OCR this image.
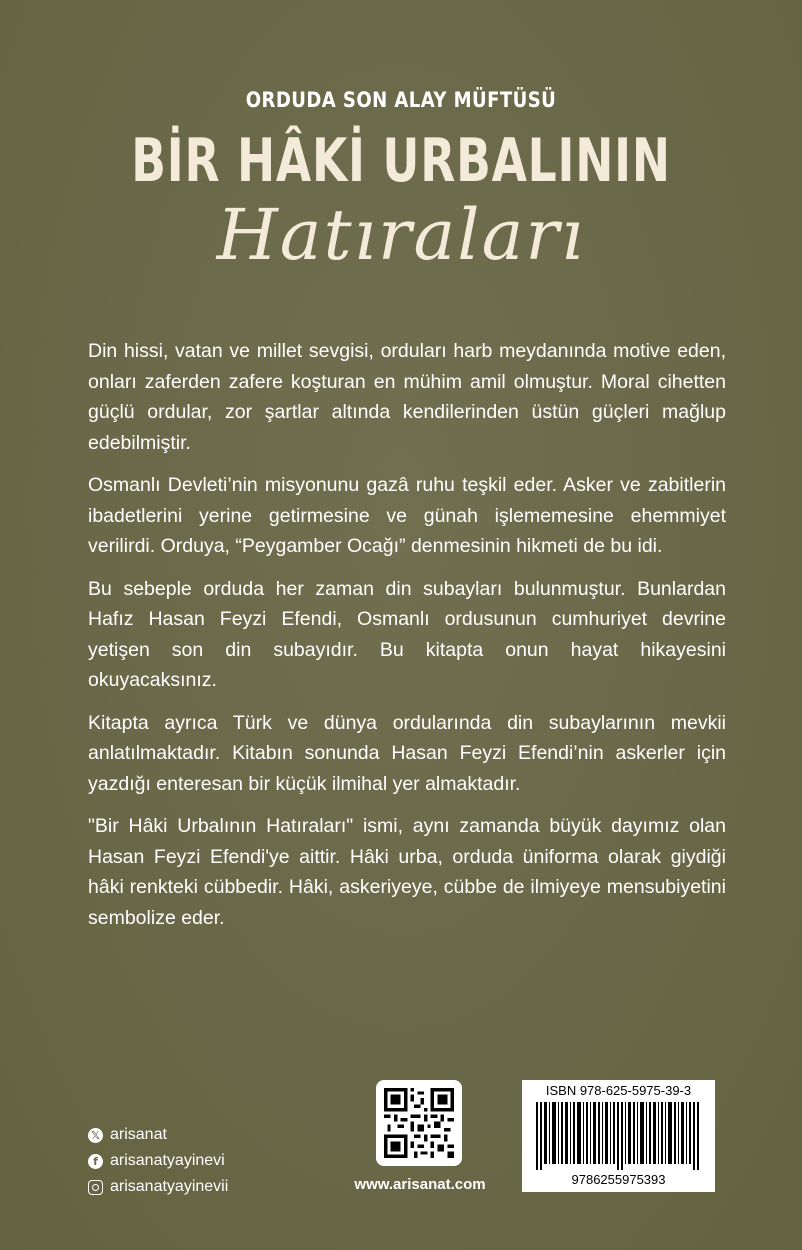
ORDUDA SON ALAY MÜFTÜSÜ
BİR HÂKİ URBALININ
Hatıraları

Din hissi, vatan ve millet sevgisi, orduları harb meydanında motive eden, onları zaferden zafere koşturan en mühim amil olmuştur. Moral cihetten güçlü ordular, zor şartlar altında kendilerinden üstün güçleri mağlup edebilmiştir.

Osmanlı Devleti’nin misyonunu gazâ ruhu teşkil eder. Asker ve zabitlerin ibadetlerini yerine getirmesine ve günah işlememesine ehemmiyet verilirdi. Orduya, “Peygamber Ocağı” denmesinin hikmeti de bu idi.

Bu sebeple orduda her zaman din subayları bulunmuştur. Bunlardan Hafız Hasan Feyzi Efendi, Osmanlı ordusunun cumhuriyet devrine yetişen son din subayıdır. Bu kitapta onun hayat hikayesini okuyacaksınız.

Kitapta ayrıca Türk ve dünya ordularında din subaylarının mevkii anlatılmaktadır. Kitabın sonunda Hasan Feyzi Efendi’nin askerler için yazdığı enteresan bir küçük ilmihal yer almaktadır.

"Bir Hâki Urbalının Hatıraları" ismi, aynı zamanda büyük dayımız olan Hasan Feyzi Efendi'ye aittir. Hâki urba, orduda üniforma olarak giydiği hâki renkteki cübbedir. Hâki, askeriyeye, cübbe de ilmiyeye mensubiyetini sembolize eder.

𝕏 arisanat
f arisanatyayinevi
arisanatyayinevii	www.arisanat.com
ISBN 978-625-5975-39-3
9786255975393
